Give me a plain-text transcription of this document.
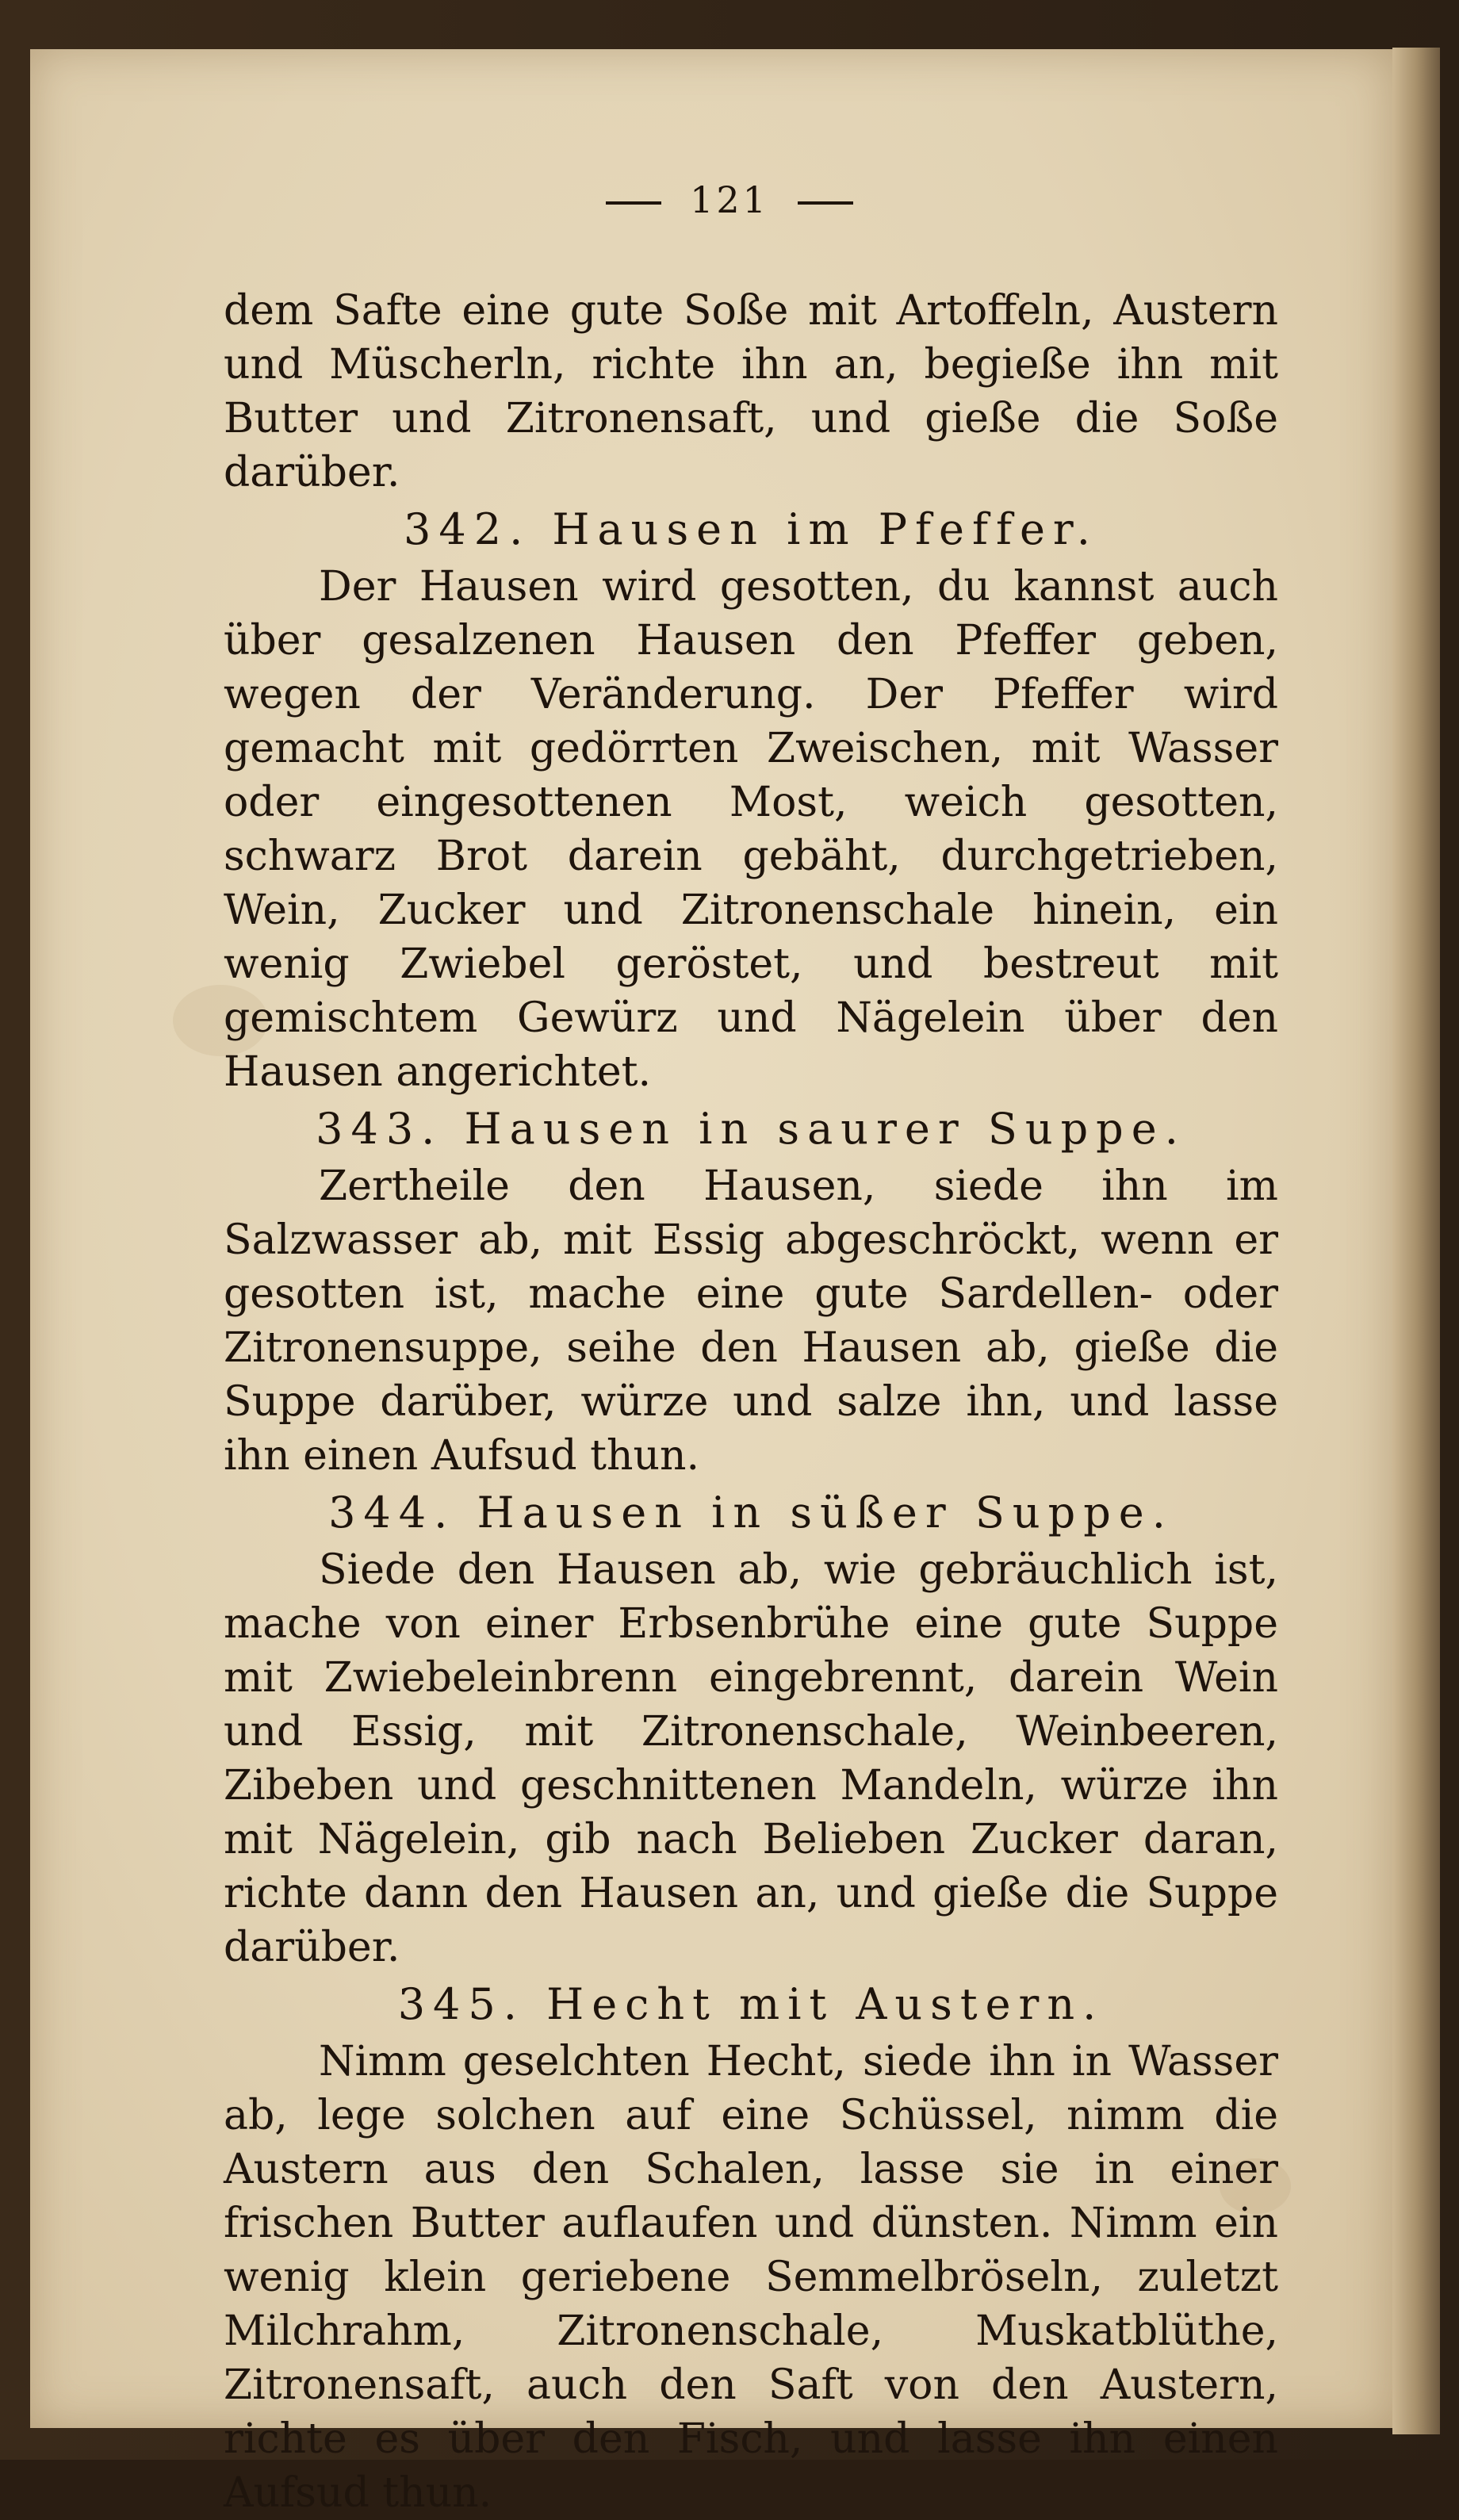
121

dem Safte eine gute Soße mit Artoffeln, Austern und Müscherln, richte ihn an, begieße ihn mit Butter und Zitronensaft, und gieße die Soße darüber.

342. Hausen im Pfeffer.

Der Hausen wird gesotten, du kannst auch über gesalzenen Hausen den Pfeffer geben, wegen der Veränderung. Der Pfeffer wird gemacht mit gedörrten Zweischen, mit Wasser oder eingesottenen Most, weich gesotten, schwarz Brot darein gebäht, durchgetrieben, Wein, Zucker und Zitronenschale hinein, ein wenig Zwiebel geröstet, und bestreut mit gemischtem Gewürz und Nägelein über den Hausen angerichtet.

343. Hausen in saurer Suppe.

Zertheile den Hausen, siede ihn im Salzwasser ab, mit Essig abgeschröckt, wenn er gesotten ist, mache eine gute Sardellen- oder Zitronensuppe, seihe den Hausen ab, gieße die Suppe darüber, würze und salze ihn, und lasse ihn einen Aufsud thun.

344. Hausen in süßer Suppe.

Siede den Hausen ab, wie gebräuchlich ist, mache von einer Erbsenbrühe eine gute Suppe mit Zwiebeleinbrenn eingebrennt, darein Wein und Essig, mit Zitronenschale, Weinbeeren, Zibeben und geschnittenen Mandeln, würze ihn mit Nägelein, gib nach Belieben Zucker daran, richte dann den Hausen an, und gieße die Suppe darüber.

345. Hecht mit Austern.

Nimm geselchten Hecht, siede ihn in Wasser ab, lege solchen auf eine Schüssel, nimm die Austern aus den Schalen, lasse sie in einer frischen Butter auflaufen und dünsten. Nimm ein wenig klein geriebene Semmelbröseln, zuletzt Milchrahm, Zitronenschale, Muskatblüthe, Zitronensaft, auch den Saft von den Austern, richte es über den Fisch, und lasse ihn einen Aufsud thun.
